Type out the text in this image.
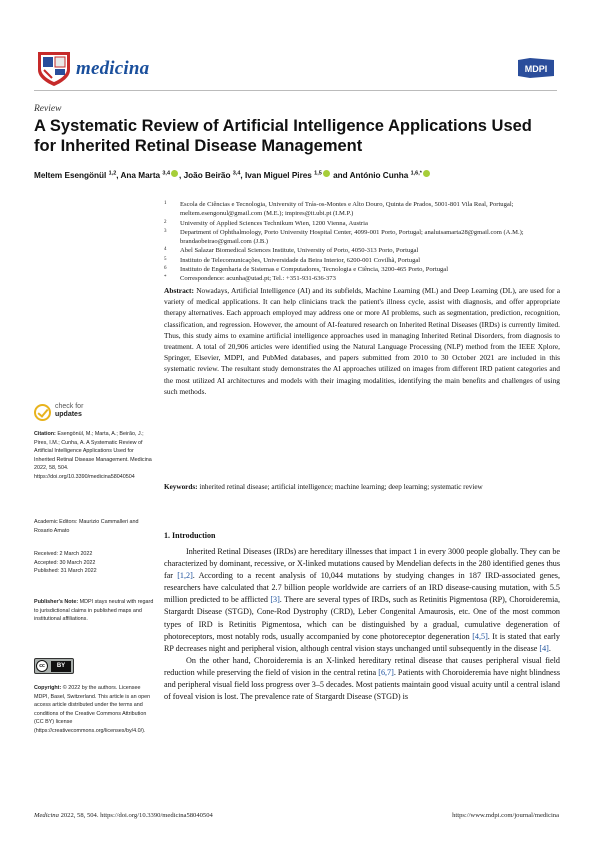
medicina	MDPI
Review
A Systematic Review of Artificial Intelligence Applications Used for Inherited Retinal Disease Management
Meltem Esengönül $^{1,2}$, Ana Marta $^{3,4}$ , João Beirão $^{3,4}$, Ivan Miguel Pires $^{1,5}$ and António Cunha $^{1,6,*}$
1 Escola de Ciências e Tecnologia, University of Trás-os-Montes e Alto Douro, Quinta de Prados, 5001-801 Vila Real, Portugal; meltem.esengonul@gmail.com (M.E.); impires@it.ubi.pt (I.M.P.)
2 University of Applied Sciences Technikum Wien, 1200 Vienna, Austria
3 Department of Ophthalmology, Porto University Hospital Center, 4099-001 Porto, Portugal; analuisamarta28@gmail.com (A.M.); brandaobeirao@gmail.com (J.B.)
4 Abel Salazar Biomedical Sciences Institute, University of Porto, 4050-313 Porto, Portugal
5 Instituto de Telecomunicações, Universidade da Beira Interior, 6200-001 Covilhã, Portugal
6 Instituto de Engenharia de Sistemas e Computadores, Tecnologia e Ciência, 3200-465 Porto, Portugal
* Correspondence: acunha@utad.pt; Tel.: +351-931-636-373
Abstract: Nowadays, Artificial Intelligence (AI) and its subfields, Machine Learning (ML) and Deep Learning (DL), are used for a variety of medical applications. It can help clinicians track the patient's illness cycle, assist with diagnosis, and offer appropriate therapy alternatives. Each approach employed may address one or more AI problems, such as segmentation, prediction, recognition, classification, and regression. However, the amount of AI-featured research on Inherited Retinal Diseases (IRDs) is currently limited. Thus, this study aims to examine artificial intelligence approaches used in managing Inherited Retinal Disorders, from diagnosis to treatment. A total of 20,906 articles were identified using the Natural Language Processing (NLP) method from the IEEE Xplore, Springer, Elsevier, MDPI, and PubMed databases, and papers submitted from 2010 to 30 October 2021 are included in this systematic review. The resultant study demonstrates the AI approaches utilized on images from different IRD patient categories and the most utilized AI architectures and models with their imaging modalities, identifying the main benefits and challenges of using such methods.
Keywords: inherited retinal disease; artificial intelligence; machine learning; deep learning; systematic review
check for
updates
Citation: Esengönül, M.; Marta, A.; Beirão, J.; Pires, I.M.; Cunha, A. A Systematic Review of Artificial Intelligence Applications Used for Inherited Retinal Disease Management. Medicina 2022, 58, 504. https://doi.org/10.3390/medicina58040504
Academic Editors: Maurizio Cammalleri and Rosario Amato
Received: 2 March 2022
Accepted: 30 March 2022
Published: 31 March 2022
Publisher's Note: MDPI stays neutral with regard to jurisdictional claims in published maps and institutional affiliations.
Copyright: © 2022 by the authors. Licensee MDPI, Basel, Switzerland. This article is an open access article distributed under the terms and conditions of the Creative Commons Attribution (CC BY) license (https://creativecommons.org/licenses/by/4.0/).
cc	BY
1. Introduction

Inherited Retinal Diseases (IRDs) are hereditary illnesses that impact 1 in every 3000 people globally. They can be characterized by dominant, recessive, or X-linked mutations caused by Mendelian defects in the 280 identified genes thus far [1,2]. According to a recent analysis of 10,044 mutations by studying changes in 187 IRD-associated genes, researchers have calculated that 2.7 billion people worldwide are carriers of an IRD disease-causing mutation, with 5.5 million predicted to be afflicted [3]. There are several types of IRDs, such as Retinitis Pigmentosa (RP), Choroideremia, Stargardt Disease (STGD), Cone-Rod Dystrophy (CRD), Leber Congenital Amaurosis, etc. One of the most common types of IRD is Retinitis Pigmentosa, which can be distinguished by a gradual, cumulative degeneration of photoreceptors, most notably rods, usually accompanied by cone photoreceptor degeneration [4,5]. It is stated that early RP decreases night and peripheral vision, although central vision stays unchanged until subsequently in the disease [4].

On the other hand, Choroideremia is an X-linked hereditary retinal disease that causes peripheral visual field reduction while preserving the field of vision in the central retina [6,7]. Patients with Choroideremia have night blindness and peripheral visual field loss progress over 3–5 decades. Most patients maintain good visual acuity until a central island of foveal vision is lost. The prevalence rate of Stargardt Disease (STGD) is

Medicina 2022, 58, 504. https://doi.org/10.3390/medicina58040504	https://www.mdpi.com/journal/medicina
